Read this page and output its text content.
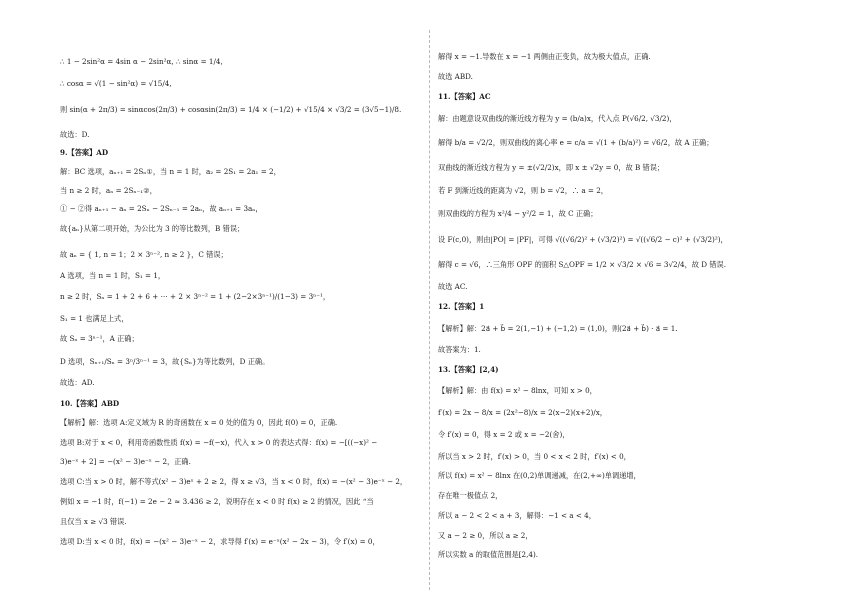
∴ 1 − 2sin²α = 4sin α − 2sin²α, ∴ sinα = 1/4,
∴ cosα = √(1 − sin²α) = √15/4,
则 sin(α + 2π/3) = sinαcos(2π/3) + cosαsin(2π/3) = 1/4 × (−1/2) + √15/4 × √3/2 = (3√5−1)/8.
故选：D.
9.【答案】AD
解：BC 选项，aₙ₊₁ = 2Sₙ①，当 n = 1 时，a₂ = 2S₁ = 2a₁ = 2，
当 n ≥ 2 时，aₙ = 2Sₙ₋₁②，
① − ②得 aₙ₊₁ − aₙ = 2Sₙ − 2Sₙ₋₁ = 2aₙ，故 aₙ₊₁ = 3aₙ，
故{aₙ}从第二项开始，为公比为 3 的等比数列，B 错误；
故 aₙ = { 1, n = 1；2 × 3ⁿ⁻², n ≥ 2 }，C 错误；
A 选项，当 n = 1 时，S₁ = 1，
n ≥ 2 时，Sₙ = 1 + 2 + 6 + ⋯ + 2 × 3ⁿ⁻² = 1 + (2−2×3ⁿ⁻¹)/(1−3) = 3ⁿ⁻¹，
S₁ = 1 也满足上式，
故 Sₙ = 3ⁿ⁻¹，A 正确；
D 选项，Sₙ₊₁/Sₙ = 3ⁿ/3ⁿ⁻¹ = 3，故{Sₙ}为等比数列，D 正确。
故选：AD.
10.【答案】ABD
【解析】解：选项 A:定义域为 R 的奇函数在 x = 0 处的值为 0，因此 f(0) = 0，正确.
选项 B:对于 x < 0，利用奇函数性质 f(x) = −f(−x)，代入 x > 0 的表达式得：f(x) = −[((−x)² −
3)e⁻ˣ + 2] = −(x² − 3)e⁻ˣ − 2，正确.
选项 C:当 x > 0 时，解不等式(x² − 3)eˣ + 2 ≥ 2，得 x ≥ √3，当 x < 0 时，f(x) = −(x² − 3)e⁻ˣ − 2，
例如 x = −1 时，f(−1) = 2e − 2 ≈ 3.436 ≥ 2，说明存在 x < 0 时 f(x) ≥ 2 的情况，因此 “当
且仅当 x ≥ √3 错误.
选项 D:当 x < 0 时，f(x) = −(x² − 3)e⁻ˣ − 2，求导得 f′(x) = e⁻ˣ(x² − 2x − 3)，令 f′(x) = 0，
解得 x = −1.导数在 x = −1 两侧由正变负，故为极大值点，正确.
故选 ABD.
11.【答案】AC
解：由题意设双曲线的渐近线方程为 y = (b/a)x，代入点 P(√6/2, √3/2)，
解得 b/a = √2/2，则双曲线的离心率 e = c/a = √(1 + (b/a)²) = √6/2，故 A 正确；
双曲线的渐近线方程为 y = ±(√2/2)x，即 x ± √2y = 0，故 B 错误；
若 F 到渐近线的距离为 √2，则 b = √2，∴ a = 2，
则双曲线的方程为 x²/4 − y²/2 = 1，故 C 正确；
设 F(c,0)，则由|PO| = |PF|，可得 √((√6/2)² + (√3/2)²) = √((√6/2 − c)² + (√3/2)²)，
解得 c = √6，∴三角形 OPF 的面积 S△OPF = 1/2 × √3/2 × √6 = 3√2/4，故 D 错误.
故选 AC.
12.【答案】1
【解析】解：2a⃗ + b⃗ = 2(1,−1) + (−1,2) = (1,0)，则(2a⃗ + b⃗) · a⃗ = 1.
故答案为：1.
13.【答案】[2,4)
【解析】解：由 f(x) = x² − 8lnx，可知 x > 0，
f′(x) = 2x − 8/x = (2x²−8)/x = 2(x−2)(x+2)/x，
令 f′(x) = 0，得 x = 2 或 x = −2(舍)，
所以当 x > 2 时，f′(x) > 0，当 0 < x < 2 时，f′(x) < 0，
所以 f(x) = x² − 8lnx 在(0,2)单调递减，在(2,+∞)单调递增，
存在唯一极值点 2，
所以 a − 2 < 2 < a + 3，解得：−1 < a < 4，
又 a − 2 ≥ 0，所以 a ≥ 2，
所以实数 a 的取值范围是[2,4).
